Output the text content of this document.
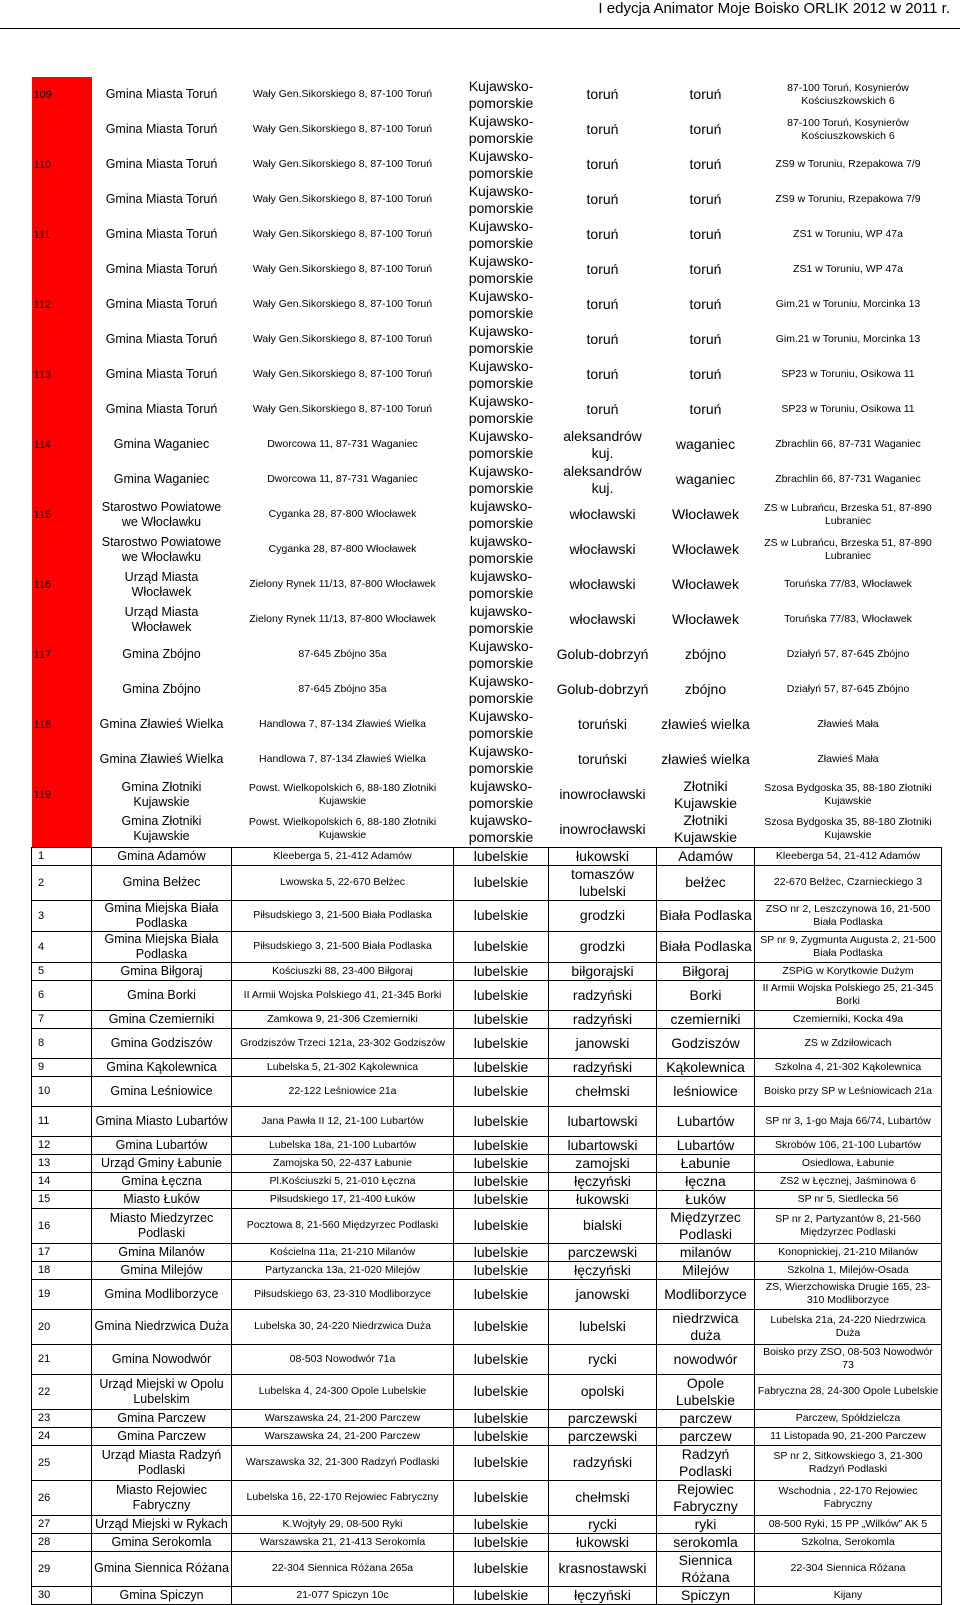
I edycja Animator Moje Boisko ORLIK 2012 w 2011 r.
109	Gmina Miasta Toruń	Wały Gen.Sikorskiego 8, 87-100 Toruń	Kujawsko-pomorskie	toruń	toruń	87-100 Toruń, Kosynierów Kościuszkowskich 6
	Gmina Miasta Toruń	Wały Gen.Sikorskiego 8, 87-100 Toruń	Kujawsko-pomorskie	toruń	toruń	87-100 Toruń, Kosynierów Kościuszkowskich 6
110	Gmina Miasta Toruń	Wały Gen.Sikorskiego 8, 87-100 Toruń	Kujawsko-pomorskie	toruń	toruń	ZS9 w Toruniu, Rzepakowa 7/9
	Gmina Miasta Toruń	Wały Gen.Sikorskiego 8, 87-100 Toruń	Kujawsko-pomorskie	toruń	toruń	ZS9 w Toruniu, Rzepakowa 7/9
111	Gmina Miasta Toruń	Wały Gen.Sikorskiego 8, 87-100 Toruń	Kujawsko-pomorskie	toruń	toruń	ZS1 w Toruniu, WP 47a
	Gmina Miasta Toruń	Wały Gen.Sikorskiego 8, 87-100 Toruń	Kujawsko-pomorskie	toruń	toruń	ZS1 w Toruniu, WP 47a
112	Gmina Miasta Toruń	Wały Gen.Sikorskiego 8, 87-100 Toruń	Kujawsko-pomorskie	toruń	toruń	Gim.21 w Toruniu, Morcinka 13
	Gmina Miasta Toruń	Wały Gen.Sikorskiego 8, 87-100 Toruń	Kujawsko-pomorskie	toruń	toruń	Gim.21 w Toruniu, Morcinka 13
113	Gmina Miasta Toruń	Wały Gen.Sikorskiego 8, 87-100 Toruń	Kujawsko-pomorskie	toruń	toruń	SP23 w Toruniu, Osikowa 11
	Gmina Miasta Toruń	Wały Gen.Sikorskiego 8, 87-100 Toruń	Kujawsko-pomorskie	toruń	toruń	SP23 w Toruniu, Osikowa 11
114	Gmina Waganiec	Dworcowa 11, 87-731 Waganiec	Kujawsko-pomorskie	aleksandrów kuj.	waganiec	Zbrachlin 66, 87-731 Waganiec
	Gmina Waganiec	Dworcowa 11, 87-731 Waganiec	Kujawsko-pomorskie	aleksandrów kuj.	waganiec	Zbrachlin 66, 87-731 Waganiec
115	Starostwo Powiatowe we Włocławku	Cyganka 28, 87-800 Włocławek	kujawsko-pomorskie	włocławski	Włocławek	ZS w Lubrańcu, Brzeska 51, 87-890 Lubraniec
	Starostwo Powiatowe we Włocławku	Cyganka 28, 87-800 Włocławek	kujawsko-pomorskie	włocławski	Włocławek	ZS w Lubrańcu, Brzeska 51, 87-890 Lubraniec
116	Urząd Miasta Włocławek	Zielony Rynek 11/13, 87-800 Włocławek	kujawsko-pomorskie	włocławski	Włocławek	Toruńska 77/83, Włocławek
	Urząd Miasta Włocławek	Zielony Rynek 11/13, 87-800 Włocławek	kujawsko-pomorskie	włocławski	Włocławek	Toruńska 77/83, Włocławek
117	Gmina Zbójno	87-645 Zbójno 35a	Kujawsko-pomorskie	Golub-dobrzyń	zbójno	Działyń 57, 87-645 Zbójno
	Gmina Zbójno	87-645 Zbójno 35a	Kujawsko-pomorskie	Golub-dobrzyń	zbójno	Działyń 57, 87-645 Zbójno
118	Gmina Zławieś Wielka	Handlowa 7, 87-134 Zławieś Wielka	Kujawsko-pomorskie	toruński	zławieś wielka	Zławieś Mała
	Gmina Zławieś Wielka	Handlowa 7, 87-134 Zławieś Wielka	Kujawsko-pomorskie	toruński	zławieś wielka	Zławieś Mała
119	Gmina Złotniki Kujawskie	Powst. Wielkopolskich 6, 88-180 Złotniki Kujawskie	kujawsko-pomorskie	inowrocławski	Złotniki Kujawskie	Szosa Bydgoska 35, 88-180 Złotniki Kujawskie
	Gmina Złotniki Kujawskie	Powst. Wielkopolskich 6, 88-180 Złotniki Kujawskie	kujawsko-pomorskie	inowrocławski	Złotniki Kujawskie	Szosa Bydgoska 35, 88-180 Złotniki Kujawskie
1	Gmina Adamów	Kleeberga 5, 21-412 Adamów	lubelskie	łukowski	Adamów	Kleeberga 54, 21-412 Adamów
2	Gmina Bełżec	Lwowska 5, 22-670 Bełżec	lubelskie	tomaszów lubelski	bełżec	22-670 Bełżec, Czarnieckiego 3
3	Gmina Miejska Biała Podlaska	Piłsudskiego 3, 21-500 Biała Podlaska	lubelskie	grodzki	Biała Podlaska	ZSO nr 2, Leszczynowa 16, 21-500 Biała Podlaska
4	Gmina Miejska Biała Podlaska	Piłsudskiego 3, 21-500 Biała Podlaska	lubelskie	grodzki	Biała Podlaska	SP nr 9, Zygmunta Augusta 2, 21-500 Biała Podlaska
5	Gmina Biłgoraj	Kościuszki 88, 23-400 Biłgoraj	lubelskie	biłgorajski	Biłgoraj	ZSPiG w Korytkowie Dużym
6	Gmina Borki	II Armii Wojska Polskiego 41, 21-345 Borki	lubelskie	radzyński	Borki	II Armii Wojska Polskiego 25, 21-345 Borki
7	Gmina Czemierniki	Zamkowa 9, 21-306 Czemierniki	lubelskie	radzyński	czemierniki	Czemierniki, Kocka 49a
8	Gmina Godziszów	Grodziszów Trzeci 121a, 23-302 Godziszów	lubelskie	janowski	Godziszów	ZS w Zdziłowicach
9	Gmina Kąkolewnica	Lubelska 5, 21-302 Kąkolewnica	lubelskie	radzyński	Kąkolewnica	Szkolna 4, 21-302 Kąkolewnica
10	Gmina Leśniowice	22-122 Leśniowice 21a	lubelskie	chełmski	leśniowice	Boisko przy SP w Leśniowicach 21a
11	Gmina Miasto Lubartów	Jana Pawła II 12, 21-100 Lubartów	lubelskie	lubartowski	Lubartów	SP nr 3, 1-go Maja 66/74, Lubartów
12	Gmina Lubartów	Lubelska 18a, 21-100 Lubartów	lubelskie	lubartowski	Lubartów	Skrobów 106, 21-100 Lubartów
13	Urząd Gminy Łabunie	Zamojska 50, 22-437 Łabunie	lubelskie	zamojski	Łabunie	Osiedlowa, Łabunie
14	Gmina Łęczna	Pl.Kościuszki 5, 21-010 Łęczna	lubelskie	łęczyński	łęczna	ZS2 w Łęcznej, Jaśminowa 6
15	Miasto Łuków	Piłsudskiego 17, 21-400 Łuków	lubelskie	łukowski	Łuków	SP nr 5, Siedlecka 56
16	Miasto Miedzyrzec Podlaski	Pocztowa 8, 21-560 Międzyrzec Podlaski	lubelskie	bialski	Międzyrzec Podlaski	SP nr 2, Partyzantów 8, 21-560 Międzyrzec Podlaski
17	Gmina Milanów	Kościelna 11a, 21-210 Milanów	lubelskie	parczewski	milanów	Konopnickiej, 21-210 Milanów
18	Gmina Milejów	Partyzancka 13a, 21-020 Milejów	lubelskie	łęczyński	Milejów	Szkolna 1, Milejów-Osada
19	Gmina Modliborzyce	Piłsudskiego 63, 23-310 Modliborzyce	lubelskie	janowski	Modliborzyce	ZS, Wierzchowiska Drugie 165, 23-310 Modliborzyce
20	Gmina Niedrzwica Duża	Lubelska 30, 24-220 Niedrzwica Duża	lubelskie	lubelski	niedrzwica duża	Lubelska 21a, 24-220 Niedrzwica Duża
21	Gmina Nowodwór	08-503 Nowodwór 71a	lubelskie	rycki	nowodwór	Boisko przy ZSO, 08-503 Nowodwór 73
22	Urząd Miejski w Opolu Lubelskim	Lubelska 4, 24-300 Opole Lubelskie	lubelskie	opolski	Opole Lubelskie	Fabryczna 28, 24-300 Opole Lubelskie
23	Gmina Parczew	Warszawska 24, 21-200 Parczew	lubelskie	parczewski	parczew	Parczew, Spółdzielcza
24	Gmina Parczew	Warszawska 24, 21-200 Parczew	lubelskie	parczewski	parczew	11 Listopada 90, 21-200 Parczew
25	Urząd Miasta Radzyń Podlaski	Warszawska 32, 21-300 Radzyń Podlaski	lubelskie	radzyński	Radzyń Podlaski	SP nr 2, Sitkowskiego 3, 21-300 Radzyń Podlaski
26	Miasto Rejowiec Fabryczny	Lubelska 16, 22-170 Rejowiec Fabryczny	lubelskie	chełmski	Rejowiec Fabryczny	Wschodnia , 22-170 Rejowiec Fabryczny
27	Urząd Miejski w Rykach	K.Wojtyły 29, 08-500 Ryki	lubelskie	rycki	ryki	08-500 Ryki, 15 PP „Wilków” AK 5
28	Gmina Serokomla	Warszawska 21, 21-413 Serokomla	lubelskie	łukowski	serokomla	Szkolna, Serokomla
29	Gmina Siennica Różana	22-304 Siennica Różana 265a	lubelskie	krasnostawski	Siennica Różana	22-304 Siennica Różana
30	Gmina Spiczyn	21-077 Spiczyn 10c	lubelskie	łęczyński	Spiczyn	Kijany
